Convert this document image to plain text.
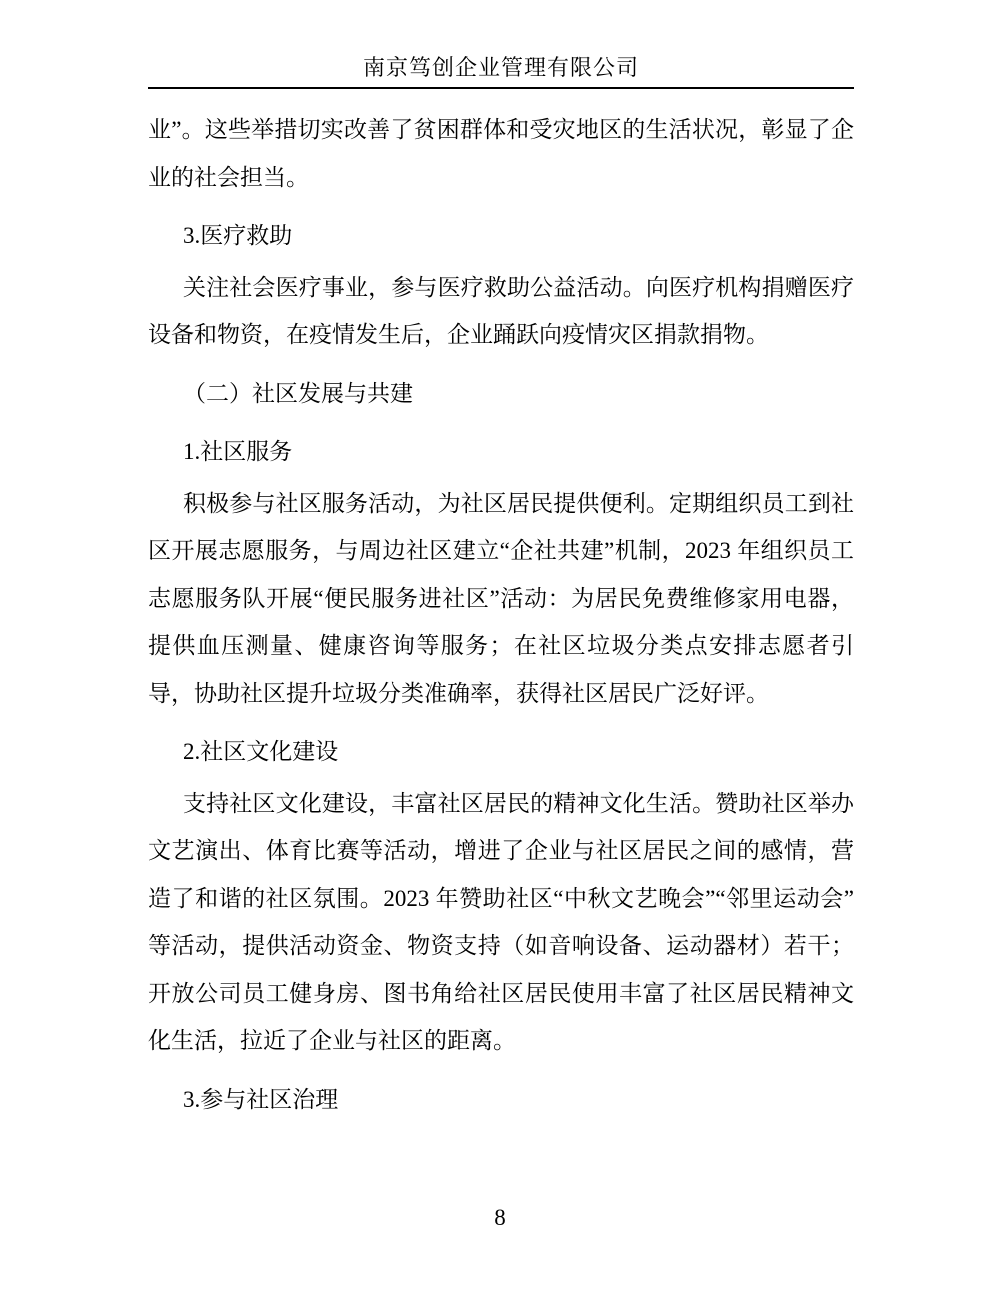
南京笃创企业管理有限公司

业”。这些举措切实改善了贫困群体和受灾地区的生活状况，彰显了企业的社会担当。

3.医疗救助

关注社会医疗事业，参与医疗救助公益活动。向医疗机构捐赠医疗设备和物资，在疫情发生后，企业踊跃向疫情灾区捐款捐物。

（二）社区发展与共建

1.社区服务

积极参与社区服务活动，为社区居民提供便利。定期组织员工到社区开展志愿服务，与周边社区建立“企社共建”机制，2023 年组织员工志愿服务队开展“便民服务进社区”活动：为居民免费维修家用电器，提供血压测量、健康咨询等服务；在社区垃圾分类点安排志愿者引导，协助社区提升垃圾分类准确率，获得社区居民广泛好评。

2.社区文化建设

支持社区文化建设，丰富社区居民的精神文化生活。赞助社区举办文艺演出、体育比赛等活动，增进了企业与社区居民之间的感情，营造了和谐的社区氛围。2023 年赞助社区“中秋文艺晚会”“邻里运动会”等活动，提供活动资金、物资支持（如音响设备、运动器材）若干；开放公司员工健身房、图书角给社区居民使用丰富了社区居民精神文化生活，拉近了企业与社区的距离。

3.参与社区治理

8
